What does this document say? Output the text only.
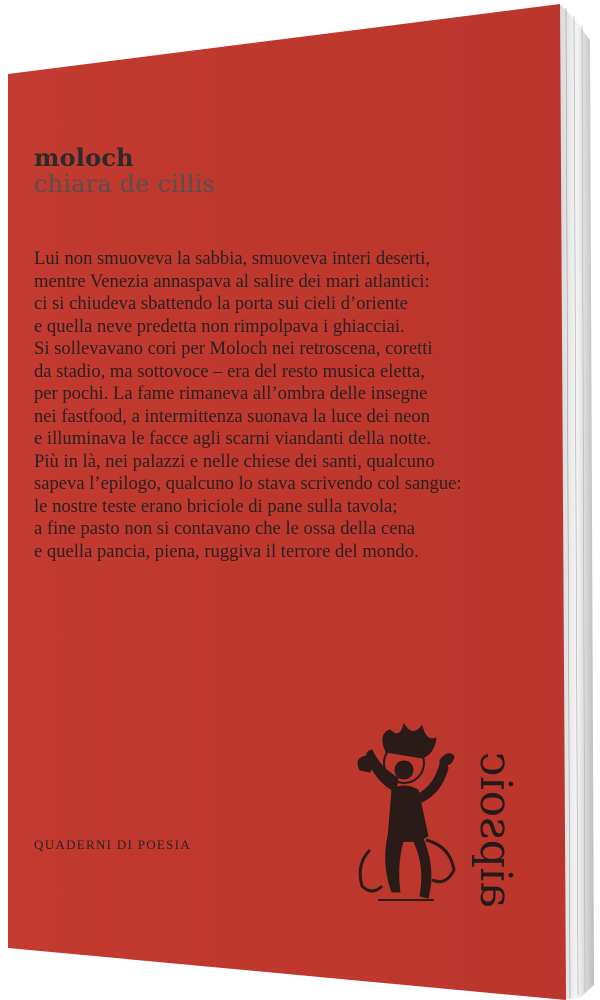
moloch
chiara de cillis
Lui non smuoveva la sabbia, smuoveva interi deserti,
mentre Venezia annaspava al salire dei mari atlantici:
ci si chiudeva sbattendo la porta sui cieli d’oriente
e quella neve predetta non rimpolpava i ghiacciai.
Si sollevavano cori per Moloch nei retroscena, coretti
da stadio, ma sottovoce – era del resto musica eletta,
per pochi. La fame rimaneva all’ombra delle insegne
nei fastfood, a intermittenza suonava la luce dei neon
e illuminava le facce agli scarni viandanti della notte.
Più in là, nei palazzi e nelle chiese dei santi, qualcuno
sapeva l’epilogo, qualcuno lo stava scrivendo col sangue:
le nostre teste erano briciole di pane sulla tavola;
a fine pasto non si contavano che le ossa della cena
e quella pancia, piena, ruggiva il terrore del mondo.
QUADERNI DI POESIA	aipsoic
